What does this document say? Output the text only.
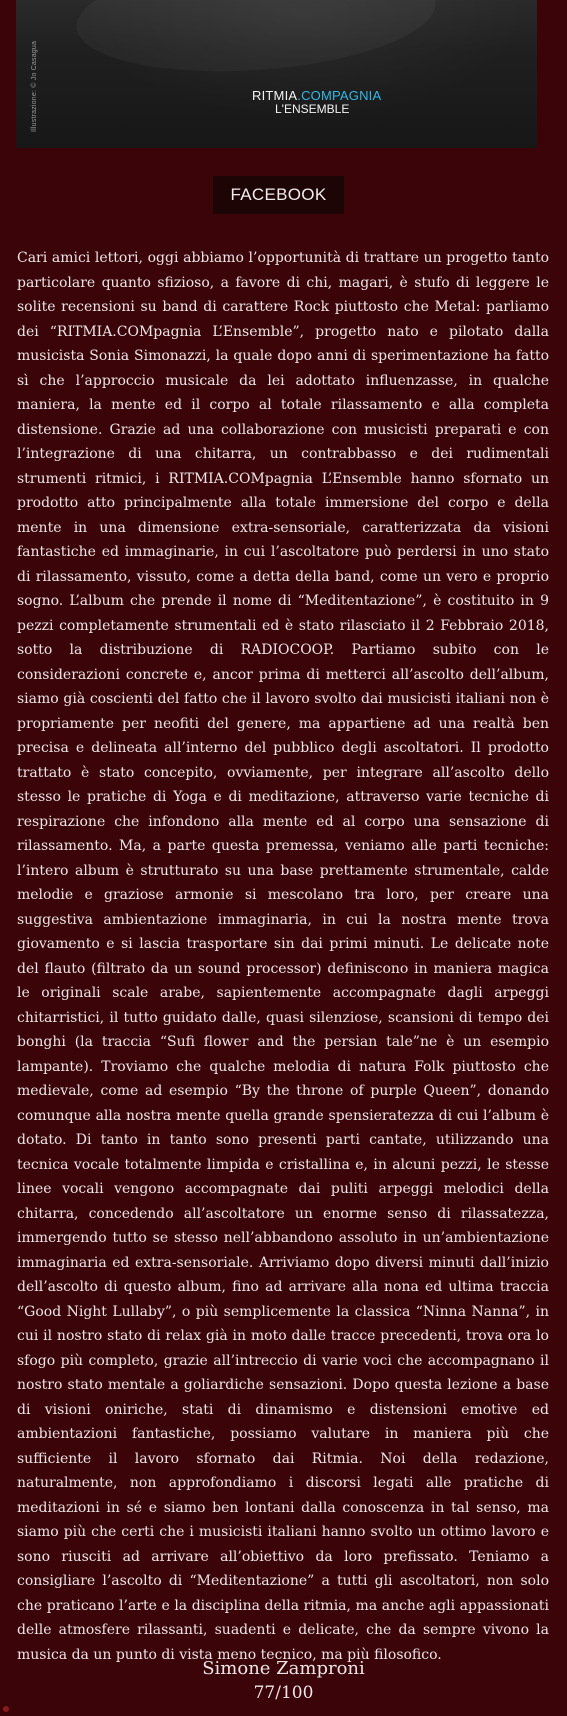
Illustrazione: © Jo Casagua	RITMIA.COMPAGNIA
L'ENSEMBLE
FACEBOOK

Cari amici lettori, oggi abbiamo l’opportunità di trattare un progetto tanto particolare quanto sfizioso, a favore di chi, magari, è stufo di leggere le solite recensioni su band di carattere Rock piuttosto che Metal: parliamo dei “RITMIA.COMpagnia L’Ensemble”, progetto nato e pilotato dalla musicista Sonia Simonazzi, la quale dopo anni di sperimentazione ha fatto sì che l’approccio musicale da lei adottato influenzasse, in qualche maniera, la mente ed il corpo al totale rilassamento e alla completa distensione. Grazie ad una collaborazione con musicisti preparati e con l’integrazione di una chitarra, un contrabbasso e dei rudimentali strumenti ritmici, i RITMIA.COMpagnia L’Ensemble hanno sfornato un prodotto atto principalmente alla totale immersione del corpo e della mente in una dimensione extra-sensoriale, caratterizzata da visioni fantastiche ed immaginarie, in cui l’ascoltatore può perdersi in uno stato di rilassamento, vissuto, come a detta della band, come un vero e proprio sogno. L’album che prende il nome di “Meditentazione”, è costituito in 9 pezzi completamente strumentali ed è stato rilasciato il 2 Febbraio 2018, sotto la distribuzione di RADIOCOOP. Partiamo subito con le considerazioni concrete e, ancor prima di metterci all’ascolto dell’album, siamo già coscienti del fatto che il lavoro svolto dai musicisti italiani non è propriamente per neofiti del genere, ma appartiene ad una realtà ben precisa e delineata all’interno del pubblico degli ascoltatori. Il prodotto trattato è stato concepito, ovviamente, per integrare all’ascolto dello stesso le pratiche di Yoga e di meditazione, attraverso varie tecniche di respirazione che infondono alla mente ed al corpo una sensazione di rilassamento. Ma, a parte questa premessa, veniamo alle parti tecniche: l’intero album è strutturato su una base prettamente strumentale, calde melodie e graziose armonie si mescolano tra loro, per creare una suggestiva ambientazione immaginaria, in cui la nostra mente trova giovamento e si lascia trasportare sin dai primi minuti. Le delicate note del flauto (filtrato da un sound processor) definiscono in maniera magica le originali scale arabe, sapientemente accompagnate dagli arpeggi chitarristici, il tutto guidato dalle, quasi silenziose, scansioni di tempo dei bonghi (la traccia “Sufi flower and the persian tale”ne è un esempio lampante). Troviamo che qualche melodia di natura Folk piuttosto che medievale, come ad esempio “By the throne of purple Queen”, donando comunque alla nostra mente quella grande spensieratezza di cui l’album è dotato. Di tanto in tanto sono presenti parti cantate, utilizzando una tecnica vocale totalmente limpida e cristallina e, in alcuni pezzi, le stesse linee vocali vengono accompagnate dai puliti arpeggi melodici della chitarra, concedendo all’ascoltatore un enorme senso di rilassatezza, immergendo tutto se stesso nell’abbandono assoluto in un’ambientazione immaginaria ed extra-sensoriale. Arriviamo dopo diversi minuti dall’inizio dell’ascolto di questo album, fino ad arrivare alla nona ed ultima traccia “Good Night Lullaby”, o più semplicemente la classica “Ninna Nanna”, in cui il nostro stato di relax già in moto dalle tracce precedenti, trova ora lo sfogo più completo, grazie all’intreccio di varie voci che accompagnano il nostro stato mentale a goliardiche sensazioni. Dopo questa lezione a base di visioni oniriche, stati di dinamismo e distensioni emotive ed ambientazioni fantastiche, possiamo valutare in maniera più che sufficiente il lavoro sfornato dai Ritmia. Noi della redazione, naturalmente, non approfondiamo i discorsi legati alle pratiche di meditazioni in sé e siamo ben lontani dalla conoscenza in tal senso, ma siamo più che certi che i musicisti italiani hanno svolto un ottimo lavoro e sono riusciti ad arrivare all’obiettivo da loro prefissato. Teniamo a consigliare l’ascolto di “Meditentazione” a tutti gli ascoltatori, non solo che praticano l’arte e la disciplina della ritmia, ma anche agli appassionati delle atmosfere rilassanti, suadenti e delicate, che da sempre vivono la musica da un punto di vista meno tecnico, ma più filosofico.

Simone Zamproni

77/100
